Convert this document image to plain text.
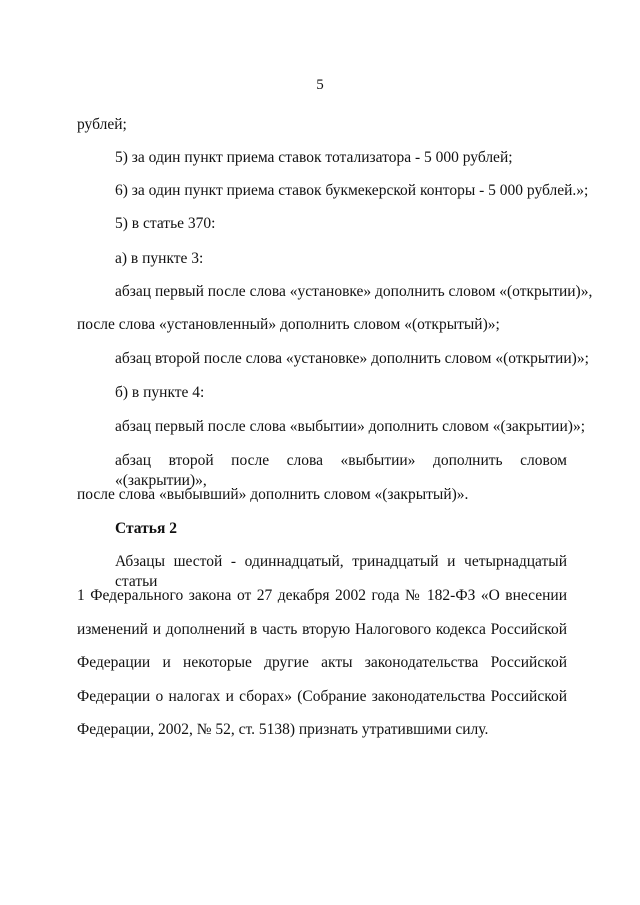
5
рублей;
5) за один пункт приема ставок тотализатора - 5 000 рублей;
6) за один пункт приема ставок букмекерской конторы - 5 000 рублей.»;
5) в статье 370:
а) в пункте 3:
абзац первый после слова «установке» дополнить словом «(открытии)»,
после слова «установленный» дополнить словом «(открытый)»;
абзац второй после слова «установке» дополнить словом «(открытии)»;
б) в пункте 4:
абзац первый после слова «выбытии» дополнить словом «(закрытии)»;
абзац второй после слова «выбытии» дополнить словом «(закрытии)»,
после слова «выбывший» дополнить словом «(закрытый)».
Статья 2
Абзацы шестой - одиннадцатый, тринадцатый и четырнадцатый статьи
1 Федерального закона от 27 декабря 2002 года № 182-ФЗ «О внесении
изменений и дополнений в часть вторую Налогового кодекса Российской
Федерации и некоторые другие акты законодательства Российской
Федерации о налогах и сборах» (Собрание законодательства Российской
Федерации, 2002, № 52, ст. 5138) признать утратившими силу.
